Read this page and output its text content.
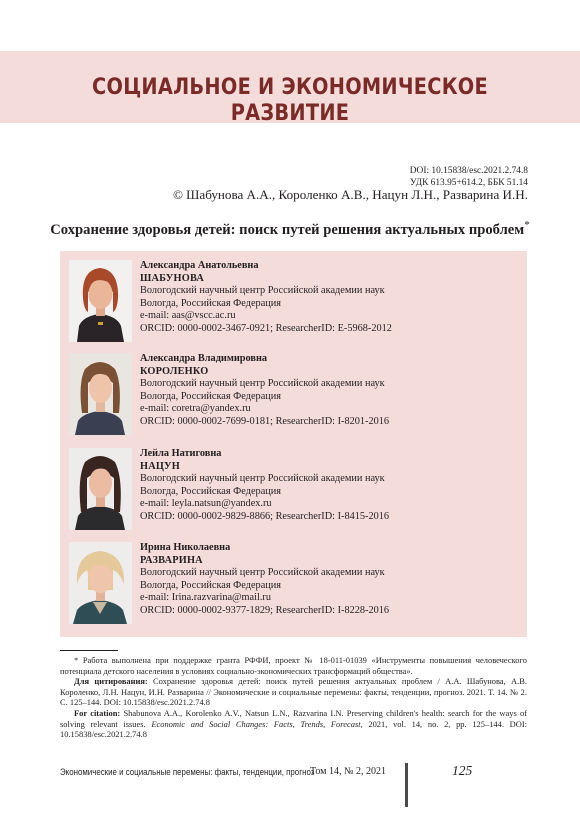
СОЦИАЛЬНОЕ И ЭКОНОМИЧЕСКОЕ РАЗВИТИЕ
DOI: 10.15838/esc.2021.2.74.8
УДК 613.95+614.2, ББК 51.14
© Шабунова А.А., Короленко А.В., Нацун Л.Н., Разварина И.Н.
Сохранение здоровья детей: поиск путей решения актуальных проблем*
Александра Анатольевна
ШАБУНОВА
Вологодский научный центр Российской академии наук
Вологда, Российская Федерация
e-mail: aas@vscc.ac.ru
ORCID: 0000-0002-3467-0921; ResearcherID: E-5968-2012
Александра Владимировна
КОРОЛЕНКО
Вологодский научный центр Российской академии наук
Вологда, Российская Федерация
e-mail: coretra@yandex.ru
ORCID: 0000-0002-7699-0181; ResearcherID: I-8201-2016
Лейла Натиговна
НАЦУН
Вологодский научный центр Российской академии наук
Вологда, Российская Федерация
e-mail: leyla.natsun@yandex.ru
ORCID: 0000-0002-9829-8866; ResearcherID: I-8415-2016
Ирина Николаевна
РАЗВАРИНА
Вологодский научный центр Российской академии наук
Вологда, Российская Федерация
e-mail: Irina.razvarina@mail.ru
ORCID: 0000-0002-9377-1829; ResearcherID: I-8228-2016

* Работа выполнена при поддержке гранта РФФИ, проект № 18-011-01039 «Инструменты повышения человеческого потенциала детского населения в условиях социально-экономических трансформаций общества».

Для цитирования: Сохранение здоровья детей: поиск путей решения актуальных проблем / А.А. Шабунова, А.В. Короленко, Л.Н. Нацун, И.Н. Разварина // Экономические и социальные перемены: факты, тенденции, прогноз. 2021. Т. 14. № 2. С. 125–144. DOI: 10.15838/esc.2021.2.74.8

For citation: Shabunova A.A., Korolenko A.V., Natsun L.N., Razvarina I.N. Preserving children's health: search for the ways of solving relevant issues. Economic and Social Changes: Facts, Trends, Forecast, 2021, vol. 14, no. 2, pp. 125–144. DOI: 10.15838/esc.2021.2.74.8

Экономические и социальные перемены: факты, тенденции, прогноз
Том 14, № 2, 2021	125
